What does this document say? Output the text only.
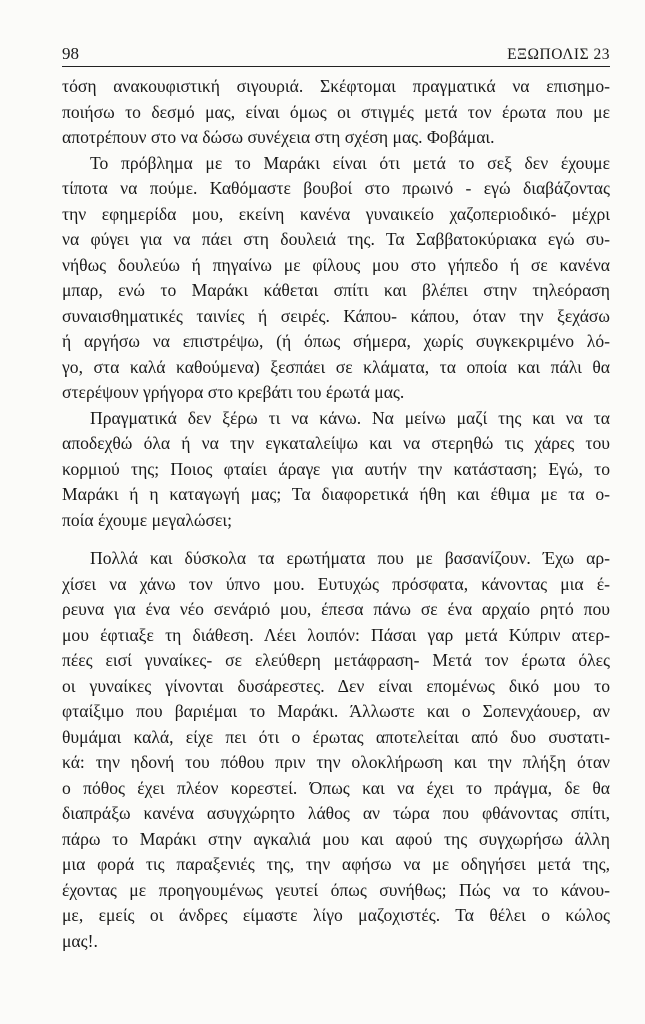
98	ΕΞΩΠΟΛΙΣ 23
τόση ανακουφιστική σιγουριά. Σκέφτομαι πραγματικά να επισημο-
ποιήσω το δεσμό μας, είναι όμως οι στιγμές μετά τον έρωτα που με
αποτρέπουν στο να δώσω συνέχεια στη σχέση μας. Φοβάμαι.
Το πρόβλημα με το Μαράκι είναι ότι μετά το σεξ δεν έχουμε
τίποτα να πούμε. Καθόμαστε βουβοί στο πρωινό - εγώ διαβάζοντας
την εφημερίδα μου, εκείνη κανένα γυναικείο χαζοπεριοδικό- μέχρι
να φύγει για να πάει στη δουλειά της. Τα Σαββατοκύριακα εγώ συ-
νήθως δουλεύω ή πηγαίνω με φίλους μου στο γήπεδο ή σε κανένα
μπαρ, ενώ το Μαράκι κάθεται σπίτι και βλέπει στην τηλεόραση
συναισθηματικές ταινίες ή σειρές. Κάπου- κάπου, όταν την ξεχάσω
ή αργήσω να επιστρέψω, (ή όπως σήμερα, χωρίς συγκεκριμένο λό-
γο, στα καλά καθούμενα) ξεσπάει σε κλάματα, τα οποία και πάλι θα
στερέψουν γρήγορα στο κρεβάτι του έρωτά μας.
Πραγματικά δεν ξέρω τι να κάνω. Να μείνω μαζί της και να τα
αποδεχθώ όλα ή να την εγκαταλείψω και να στερηθώ τις χάρες του
κορμιού της; Ποιος φταίει άραγε για αυτήν την κατάσταση; Εγώ, το
Μαράκι ή η καταγωγή μας; Τα διαφορετικά ήθη και έθιμα με τα ο-
ποία έχουμε μεγαλώσει;
Πολλά και δύσκολα τα ερωτήματα που με βασανίζουν. Έχω αρ-
χίσει να χάνω τον ύπνο μου. Ευτυχώς πρόσφατα, κάνοντας μια έ-
ρευνα για ένα νέο σενάριό μου, έπεσα πάνω σε ένα αρχαίο ρητό που
μου έφτιαξε τη διάθεση. Λέει λοιπόν: Πάσαι γαρ μετά Κύπριν ατερ-
πέες εισί γυναίκες- σε ελεύθερη μετάφραση- Μετά τον έρωτα όλες
οι γυναίκες γίνονται δυσάρεστες. Δεν είναι επομένως δικό μου το
φταίξιμο που βαριέμαι το Μαράκι. Άλλωστε και ο Σοπενχάουερ, αν
θυμάμαι καλά, είχε πει ότι ο έρωτας αποτελείται από δυο συστατι-
κά: την ηδονή του πόθου πριν την ολοκλήρωση και την πλήξη όταν
ο πόθος έχει πλέον κορεστεί. Όπως και να έχει το πράγμα, δε θα
διαπράξω κανένα ασυγχώρητο λάθος αν τώρα που φθάνοντας σπίτι,
πάρω το Μαράκι στην αγκαλιά μου και αφού της συγχωρήσω άλλη
μια φορά τις παραξενιές της, την αφήσω να με οδηγήσει μετά της,
έχοντας με προηγουμένως γευτεί όπως συνήθως; Πώς να το κάνου-
με, εμείς οι άνδρες είμαστε λίγο μαζοχιστές. Τα θέλει ο κώλος
μας!.
